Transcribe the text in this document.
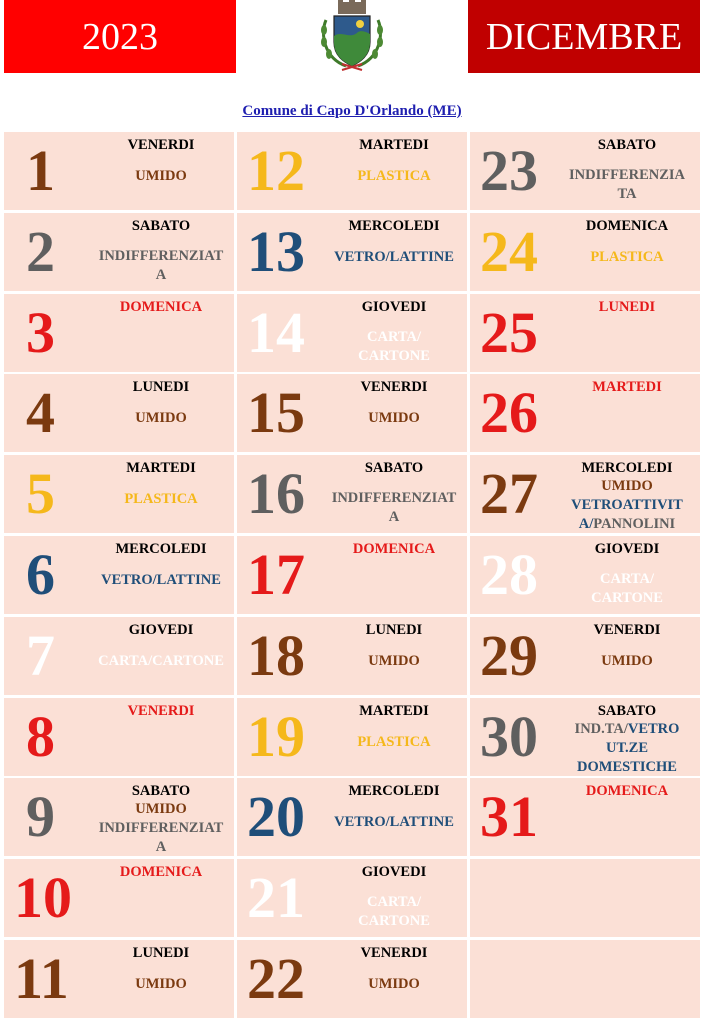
2023	DICEMBRE
Comune di Capo D'Orlando (ME)
1	VENERDI
UMIDO
2	SABATO
INDIFFERENZIAT
A
3	DOMENICA
4	LUNEDI
UMIDO
5	MARTEDI
PLASTICA
6	MERCOLEDI
VETRO/LATTINE
7	GIOVEDI
CARTA/CARTONE
8	VENERDI
9	SABATO
UMIDO
INDIFFERENZIAT
A
10	DOMENICA
11	LUNEDI
UMIDO
12	MARTEDI
PLASTICA
13	MERCOLEDI
VETRO/LATTINE
14	GIOVEDI
CARTA/
CARTONE
15	VENERDI
UMIDO
16	SABATO
INDIFFERENZIAT
A
17	DOMENICA
18	LUNEDI
UMIDO
19	MARTEDI
PLASTICA
20	MERCOLEDI
VETRO/LATTINE
21	GIOVEDI
CARTA/
CARTONE
22	VENERDI
UMIDO
23	SABATO
INDIFFERENZIA
TA
24	DOMENICA
PLASTICA
25	LUNEDI
26	MARTEDI
27	MERCOLEDI
UMIDO
VETROATTIVIT
A/PANNOLINI
28	GIOVEDI
CARTA/
CARTONE
29	VENERDI
UMIDO
30	SABATO
IND.TA/VETRO
UT.ZE
DOMESTICHE
31	DOMENICA
